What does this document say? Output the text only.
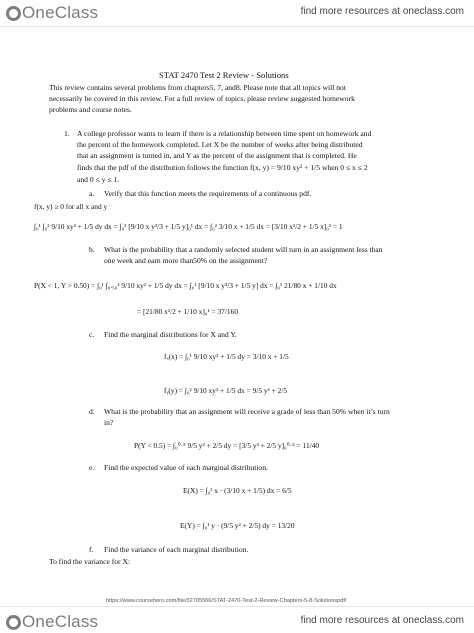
OneClass	find more resources at oneclass.com
STAT 2470 Test 2 Review - Solutions
This review contains several problems from chapters5, 7, and8. Please note that all topics will not
necessarily be covered in this review. For a full review of topics, please review suggested homework
problems and course notes.
1. A college professor wants to learn if there is a relationship between time spent on homework and
the percent of the homework completed. Let X be the number of weeks after being distributed
that an assignment is turned in, and Y as the percent of the assignment that is completed. He
finds that the pdf of the distribution follows the function f(x, y) = 9/10 xy² + 1/5 when 0 ≤ x ≤ 2
and 0 ≤ y ≤ 1.
a. Verify that this function meets the requirements of a continuous pdf.
f(x, y) ≥ 0 for all x and y
∫₀¹ ∫₀² 9/10 xy² + 1/5 dy dx = ∫₀² [9/10 x y³/3 + 1/5 y]₀¹ dx = ∫₀² 3/10 x + 1/5 dx = [3/10 x²/2 + 1/5 x]₀² = 1
b. What is the probability that a randomly selected student will turn in an assignment less than
one week and earn more than50% on the assignment?
P(X < 1, Y > 0.50) = ∫₀¹ ∫₀.₅₀¹ 9/10 xy² + 1/5 dy dx = ∫₀¹ [9/10 x y³/3 + 1/5 y] dx = ∫₀¹ 21/80 x + 1/10 dx
= [21/80 x²/2 + 1/10 x]₀¹ = 37/160
c. Find the marginal distributions for X and Y.
fₓ(x) = ∫₀¹ 9/10 xy² + 1/5 dy = 3/10 x + 1/5
fᵧ(y) = ∫₀² 9/10 xy² + 1/5 dx = 9/5 y² + 2/5
d. What is the probability that an assignment will receive a grade of less than 50% when it’s turn
in?
P(Y < 0.5) = ∫₀⁰·⁵ 9/5 y² + 2/5 dy = [3/5 y³ + 2/5 y]₀⁰·⁵ = 11/40
e. Find the expected value of each marginal distribution.
E(X) = ∫₀² x · (3/10 x + 1/5) dx = 6/5
E(Y) = ∫₀¹ y · (9/5 y² + 2/5) dy = 13/20
f. Find the variance of each marginal distribution.
To find the variance for X:
https://www.coursehero.com/file/32705566/STAT-2470-Test-2-Review-Chapters-5-8-Solutionspdf/
OneClass	find more resources at oneclass.com
